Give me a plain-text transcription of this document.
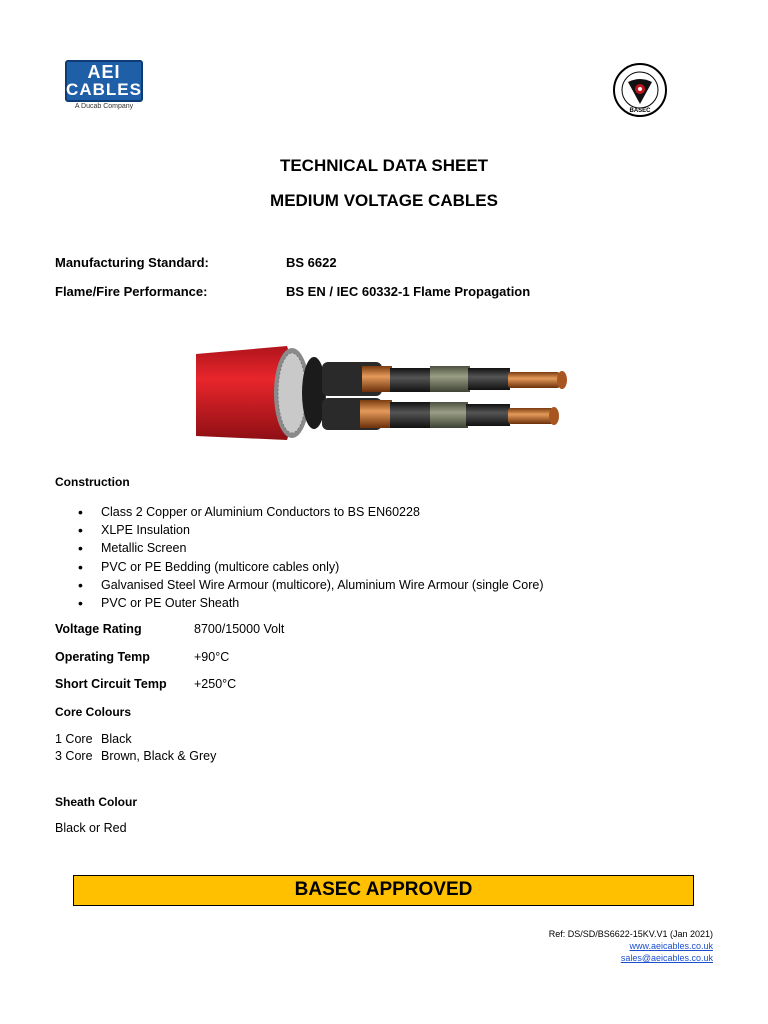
AEI
CABLES
A Ducab Company
BASEC
TECHNICAL DATA SHEET
MEDIUM VOLTAGE CABLES
Manufacturing Standard:	BS 6622
Flame/Fire Performance:	BS EN / IEC 60332-1 Flame Propagation
Construction
• Class 2 Copper or Aluminium Conductors to BS EN60228
• XLPE Insulation
• Metallic Screen
• PVC or PE Bedding (multicore cables only)
• Galvanised Steel Wire Armour (multicore), Aluminium Wire Armour (single Core)
• PVC or PE Outer Sheath
Voltage Rating	8700/15000 Volt
Operating Temp	+90°C
Short Circuit Temp +250°C
Core Colours
1 Core Black
3 Core Brown, Black & Grey
Sheath Colour
Black or Red
BASEC APPROVED
Ref: DS/SD/BS6622-15KV.V1 (Jan 2021)
www.aeicables.co.uk
sales@aeicables.co.uk
